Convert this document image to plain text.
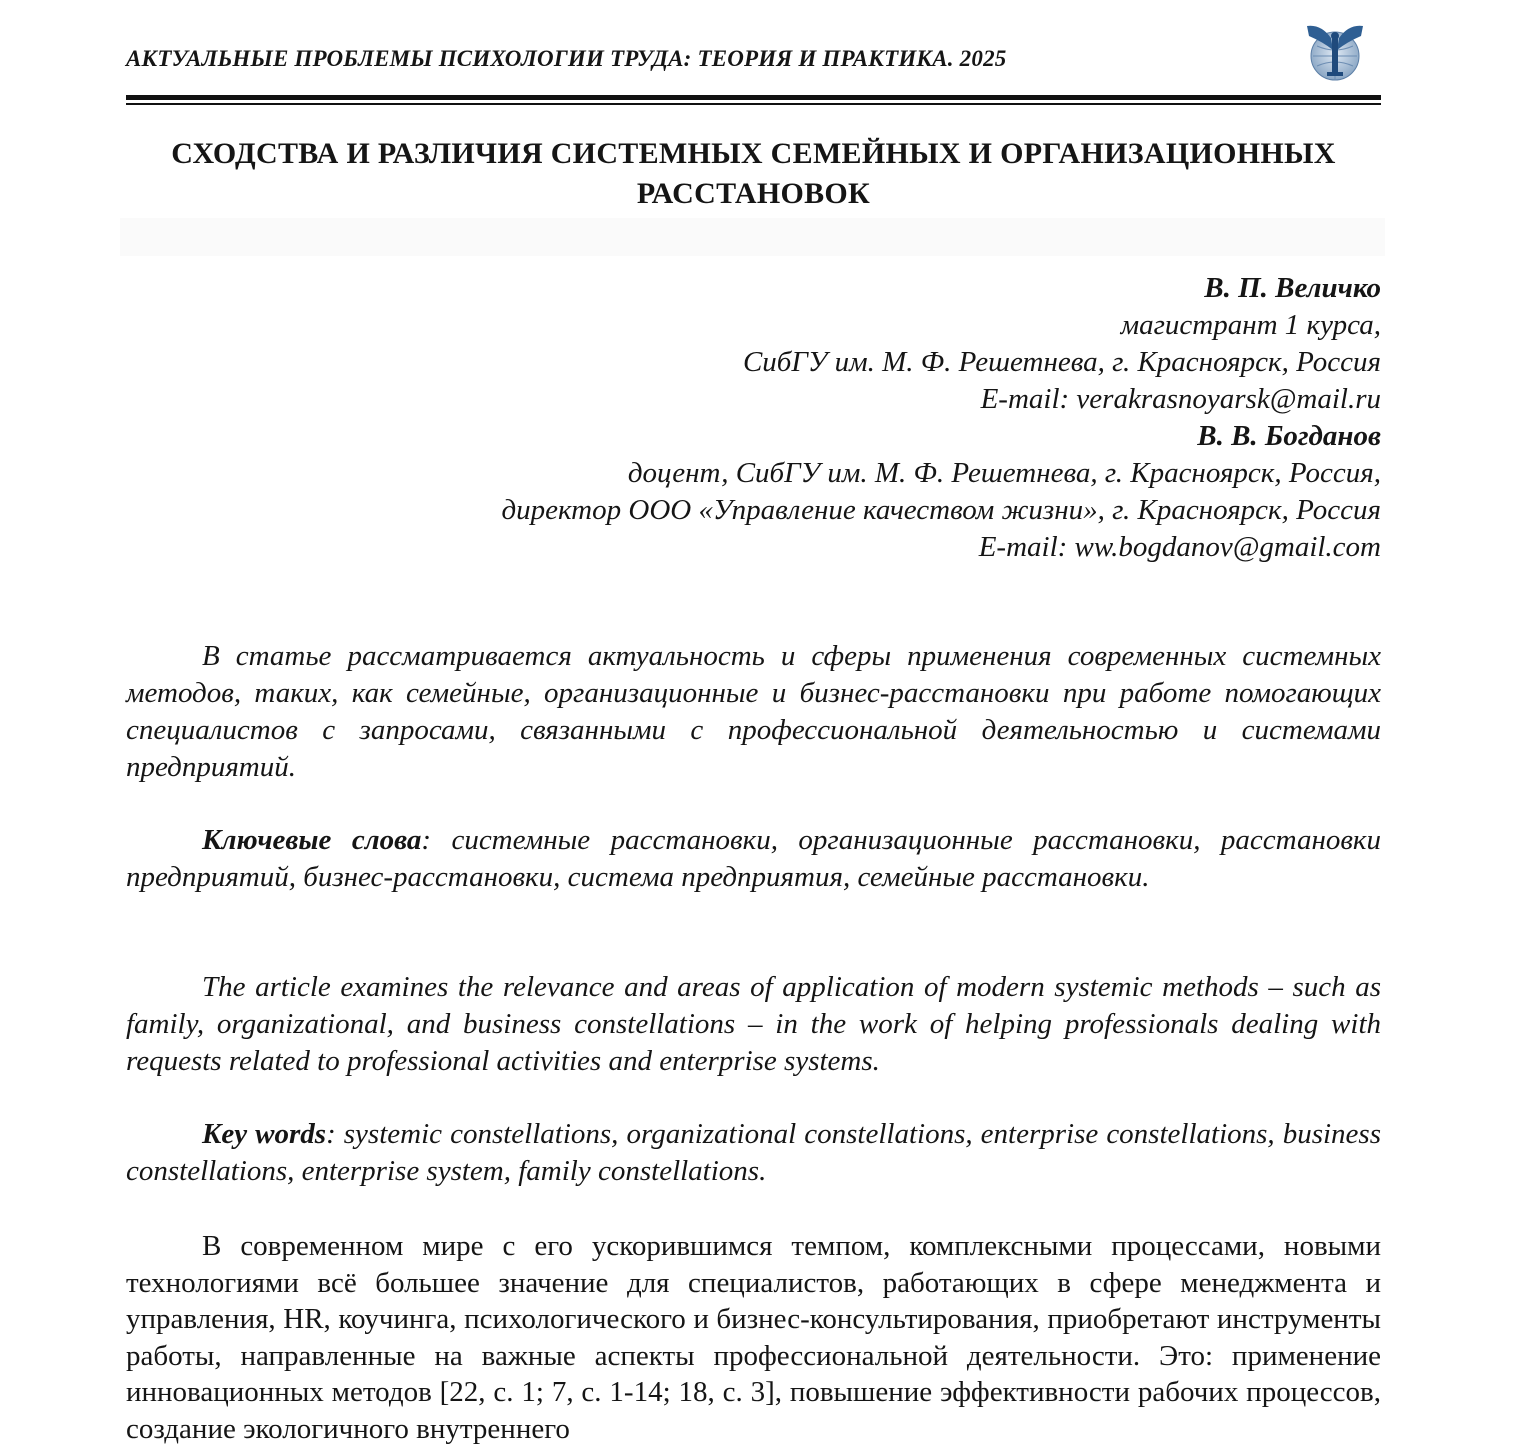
АКТУАЛЬНЫЕ ПРОБЛЕМЫ ПСИХОЛОГИИ ТРУДА: ТЕОРИЯ И ПРАКТИКА. 2025
СХОДСТВА И РАЗЛИЧИЯ СИСТЕМНЫХ СЕМЕЙНЫХ И ОРГАНИЗАЦИОННЫХ
РАССТАНОВОК
В. П. Величко
магистрант 1 курса,
СибГУ им. М. Ф. Решетнева, г. Красноярск, Россия
E-mail: verakrasnoyarsk@mail.ru
В. В. Богданов
доцент, СибГУ им. М. Ф. Решетнева, г. Красноярск, Россия,
директор ООО «Управление качеством жизни», г. Красноярск, Россия
E-mail: ww.bogdanov@gmail.com
В статье рассматривается актуальность и сферы применения современных системных методов, таких, как семейные, организационные и бизнес-расстановки при работе помогающих специалистов с запросами, связанными с профессиональной деятельностью и системами предприятий.
Ключевые слова: системные расстановки, организационные расстановки, расстановки предприятий, бизнес-расстановки, система предприятия, семейные расстановки.
The article examines the relevance and areas of application of modern systemic methods – such as family, organizational, and business constellations – in the work of helping professionals dealing with requests related to professional activities and enterprise systems.
Key words: systemic constellations, organizational constellations, enterprise constellations, business constellations, enterprise system, family constellations.
В современном мире с его ускорившимся темпом, комплексными процессами, новыми технологиями всё большее значение для специалистов, работающих в сфере менеджмента и управления, HR, коучинга, психологического и бизнес-консультирования, приобретают инструменты работы, направленные на важные аспекты профессиональной деятельности. Это: применение инновационных методов [22, с. 1; 7, с. 1-14; 18, с. 3], повышение эффективности рабочих процессов, создание экологичного внутреннего
